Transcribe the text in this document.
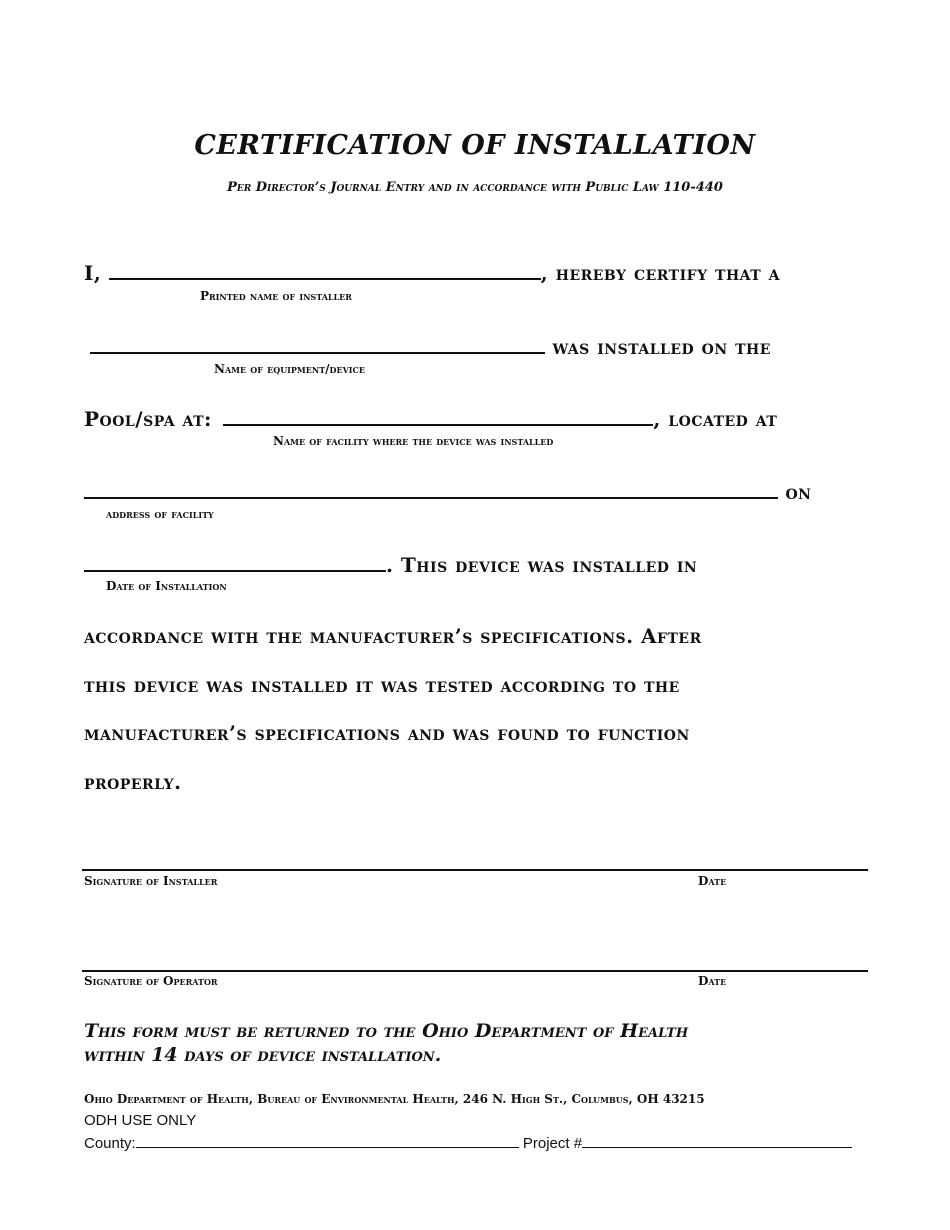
CERTIFICATION OF INSTALLATION
Per Director’s Journal Entry and in accordance with Public Law 110-440
I,	, hereby certify that a
Printed name of installer
was installed on the
Name of equipment/device
Pool/spa at:	, located at
Name of facility where the device was installed
on
address of facility
. This device was installed in
Date of Installation
accordance with the manufacturer’s specifications. After
this device was installed it was tested according to the
manufacturer’s specifications and was found to function
properly.
Signature of Installer	Date
Signature of Operator	Date
This form must be returned to the Ohio Department of Health
within 14 days of device installation.
Ohio Department of Health, Bureau of Environmental Health, 246 N. High St., Columbus, OH 43215
ODH USE ONLY
County:	Project #
